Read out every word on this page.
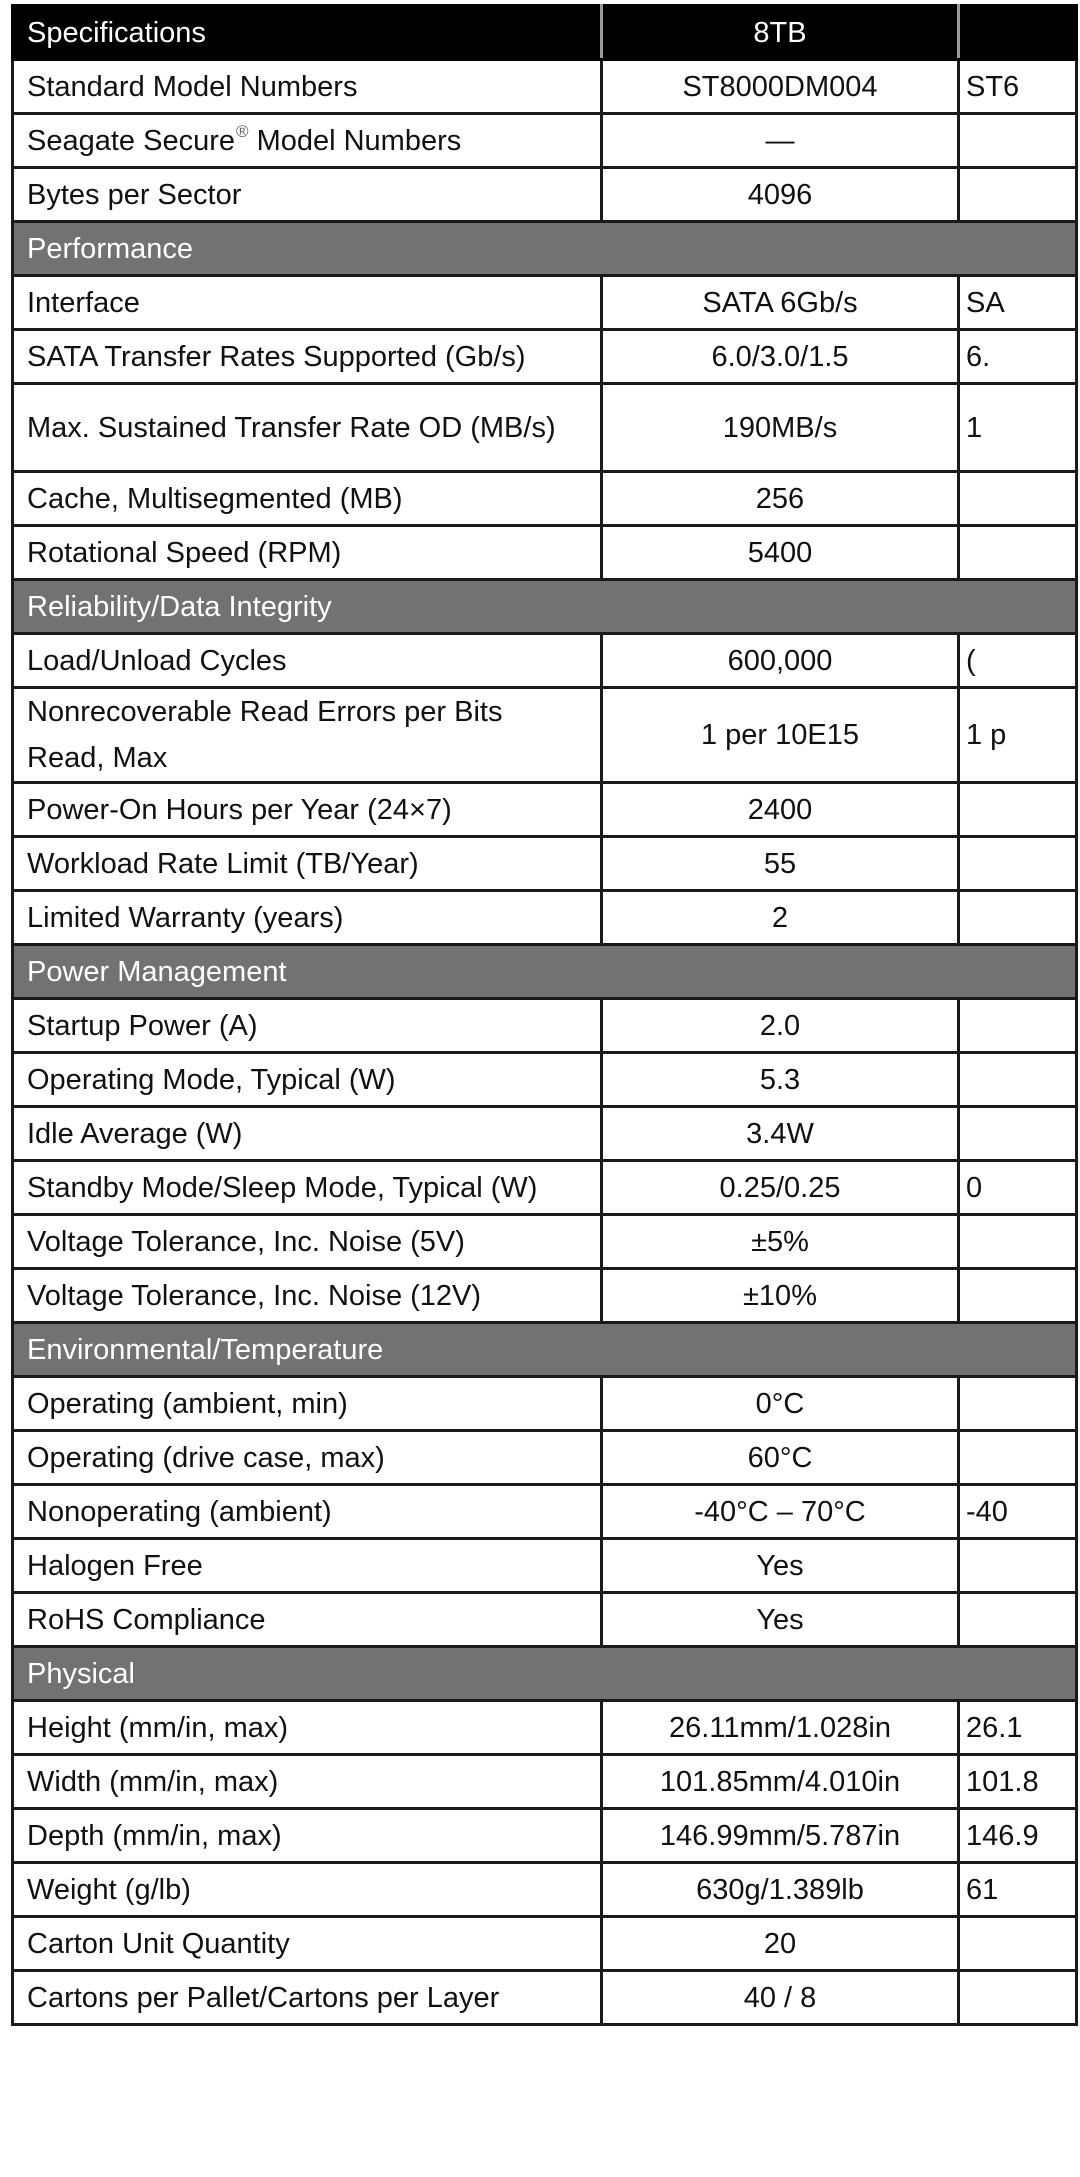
Specifications	8TB	
Standard Model Numbers	ST8000DM004	ST6
Seagate Secure® Model Numbers	—	
Bytes per Sector	4096	
Performance		
Interface	SATA 6Gb/s	SA
SATA Transfer Rates Supported (Gb/s)	6.0/3.0/1.5	6.
Max. Sustained Transfer Rate OD (MB/s)	190MB/s	1
Cache, Multisegmented (MB)	256	
Rotational Speed (RPM)	5400	
Reliability/Data Integrity		
Load/Unload Cycles	600,000	(
Nonrecoverable Read Errors per Bits Read, Max	1 per 10E15	1 p
Power-On Hours per Year (24×7)	2400	
Workload Rate Limit (TB/Year)	55	
Limited Warranty (years)	2	
Power Management		
Startup Power (A)	2.0	
Operating Mode, Typical (W)	5.3	
Idle Average (W)	3.4W	
Standby Mode/Sleep Mode, Typical (W)	0.25/0.25	0
Voltage Tolerance, Inc. Noise (5V)	±5%	
Voltage Tolerance, Inc. Noise (12V)	±10%	
Environmental/Temperature		
Operating (ambient, min)	0°C	
Operating (drive case, max)	60°C	
Nonoperating (ambient)	-40°C – 70°C	-40
Halogen Free	Yes	
RoHS Compliance	Yes	
Physical		
Height (mm/in, max)	26.11mm/1.028in	26.1
Width (mm/in, max)	101.85mm/4.010in	101.8
Depth (mm/in, max)	146.99mm/5.787in	146.9
Weight (g/lb)	630g/1.389lb	61
Carton Unit Quantity	20	
Cartons per Pallet/Cartons per Layer	40 / 8	
